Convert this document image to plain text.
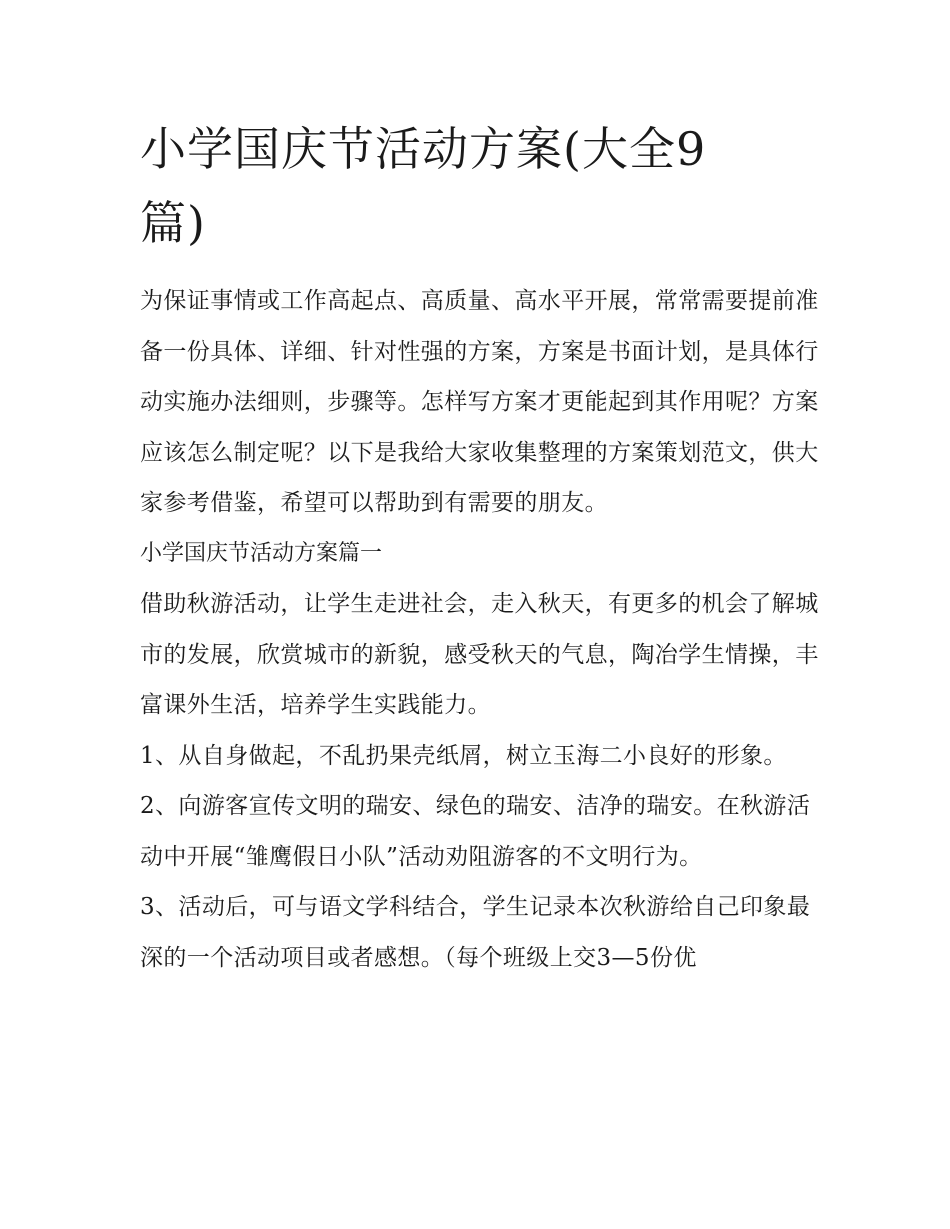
小学国庆节活动方案(大全9篇)

为保证事情或工作高起点、高质量、高水平开展，常常需要提前准备一份具体、详细、针对性强的方案，方案是书面计划，是具体行动实施办法细则，步骤等。怎样写方案才更能起到其作用呢？方案应该怎么制定呢？以下是我给大家收集整理的方案策划范文，供大家参考借鉴，希望可以帮助到有需要的朋友。

小学国庆节活动方案篇一

借助秋游活动，让学生走进社会，走入秋天，有更多的机会了解城市的发展，欣赏城市的新貌，感受秋天的气息，陶冶学生情操，丰富课外生活，培养学生实践能力。

1、从自身做起，不乱扔果壳纸屑，树立玉海二小良好的形象。

2、向游客宣传文明的瑞安、绿色的瑞安、洁净的瑞安。在秋游活动中开展“雏鹰假日小队”活动劝阻游客的不文明行为。

3、活动后，可与语文学科结合，学生记录本次秋游给自己印象最深的一个活动项目或者感想。（每个班级上交3—5份优
